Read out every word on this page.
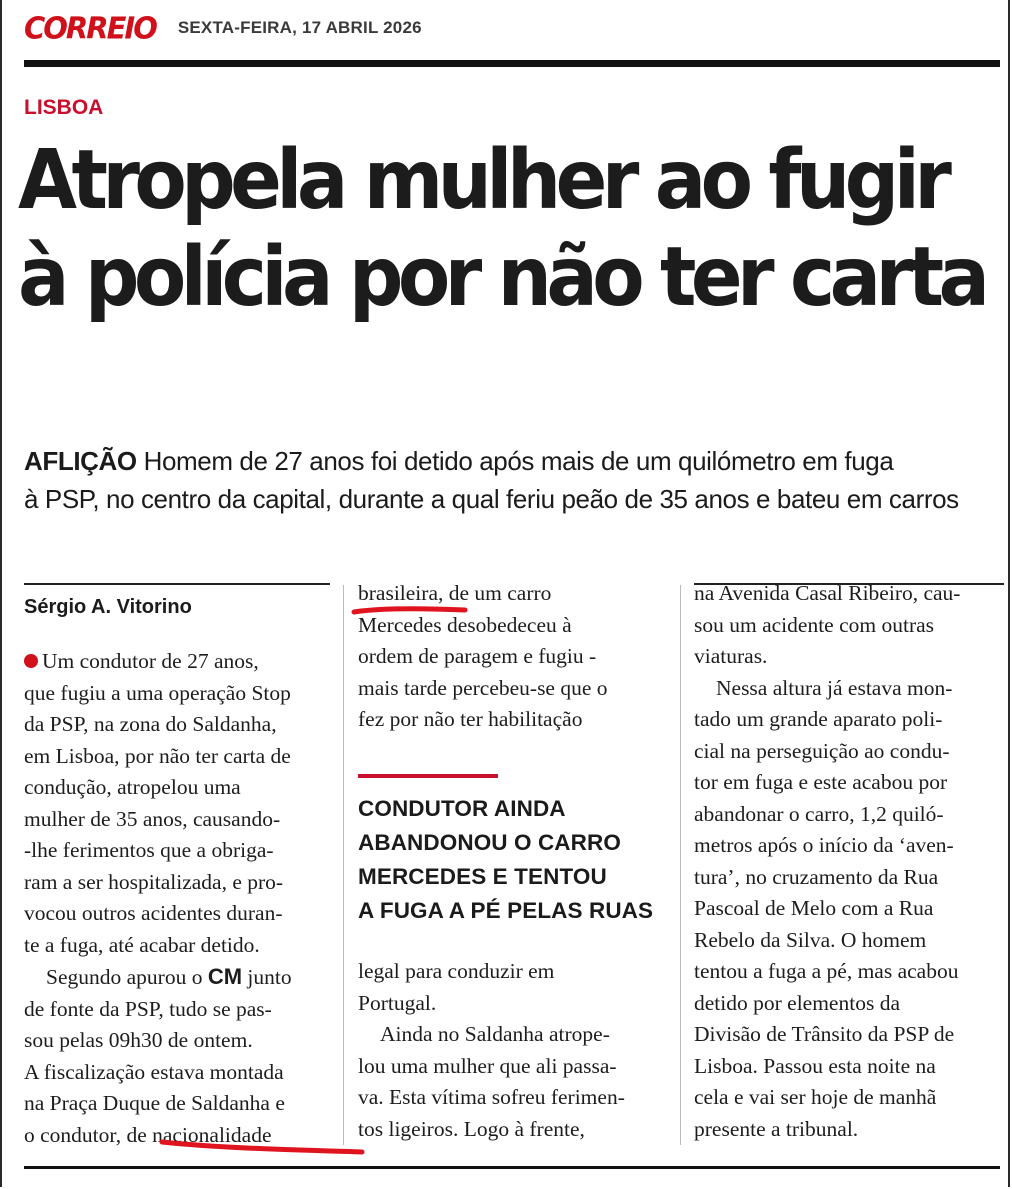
CORREIO SEXTA-FEIRA, 17 ABRIL 2026
LISBOA
Atropela mulher ao fugir
à polícia por não ter carta
AFLIÇÃO Homem de 27 anos foi detido após mais de um quilómetro em fuga
à PSP, no centro da capital, durante a qual feriu peão de 35 anos e bateu em carros
Sérgio A. Vitorino

Um condutor de 27 anos,
que fugiu a uma operação Stop
da PSP, na zona do Saldanha,
em Lisboa, por não ter carta de
condução, atropelou uma
mulher de 35 anos, causando-
-lhe ferimentos que a obriga-
ram a ser hospitalizada, e pro-
vocou outros acidentes duran-
te a fuga, até acabar detido.

Segundo apurou o CM junto
de fonte da PSP, tudo se pas-
sou pelas 09h30 de ontem.
A fiscalização estava montada
na Praça Duque de Saldanha e
o condutor, de nacionalidade

brasileira, de um carro
Mercedes desobedeceu à
ordem de paragem e fugiu -
mais tarde percebeu-se que o
fez por não ter habilitação

CONDUTOR AINDA
ABANDONOU O CARRO
MERCEDES E TENTOU
A FUGA A PÉ PELAS RUAS

legal para conduzir em
Portugal.

Ainda no Saldanha atrope-
lou uma mulher que ali passa-
va. Esta vítima sofreu ferimen-
tos ligeiros. Logo à frente,

na Avenida Casal Ribeiro, cau-
sou um acidente com outras
viaturas.

Nessa altura já estava mon-
tado um grande aparato poli-
cial na perseguição ao condu-
tor em fuga e este acabou por
abandonar o carro, 1,2 quiló-
metros após o início da ‘aven-
tura’, no cruzamento da Rua
Pascoal de Melo com a Rua
Rebelo da Silva. O homem
tentou a fuga a pé, mas acabou
detido por elementos da
Divisão de Trânsito da PSP de
Lisboa. Passou esta noite na
cela e vai ser hoje de manhã
presente a tribunal.
